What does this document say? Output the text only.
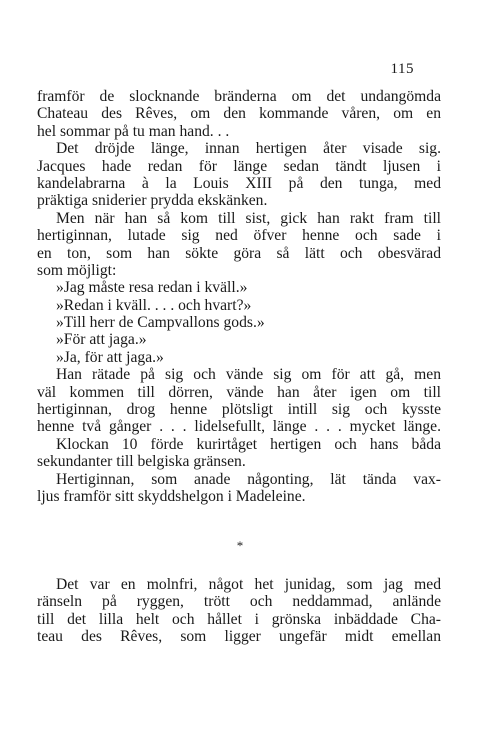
115
framför de slocknande bränderna om det undangömda
Chateau des Rêves, om den kommande våren, om en
hel sommar på tu man hand. . .
Det dröjde länge, innan hertigen åter visade sig.
Jacques hade redan för länge sedan tändt ljusen i
kandelabrarna à la Louis XIII på den tunga, med
präktiga sniderier prydda ekskänken.
Men när han så kom till sist, gick han rakt fram till
hertiginnan, lutade sig ned öfver henne och sade i
en ton, som han sökte göra så lätt och obesvärad
som möjligt:
»Jag måste resa redan i kväll.»
»Redan i kväll. . . . och hvart?»
»Till herr de Campvallons gods.»
»För att jaga.»
»Ja, för att jaga.»
Han rätade på sig och vände sig om för att gå, men
väl kommen till dörren, vände han åter igen om till
hertiginnan, drog henne plötsligt intill sig och kysste
henne två gånger . . . lidelsefullt, länge . . . mycket länge.
Klockan 10 förde kurirtåget hertigen och hans båda
sekundanter till belgiska gränsen.
Hertiginnan, som anade någonting, lät tända vax-
ljus framför sitt skyddshelgon i Madeleine.
*
Det var en molnfri, något het junidag, som jag med
ränseln på ryggen, trött och neddammad, anlände
till det lilla helt och hållet i grönska inbäddade Cha-
teau des Rêves, som ligger ungefär midt emellan
